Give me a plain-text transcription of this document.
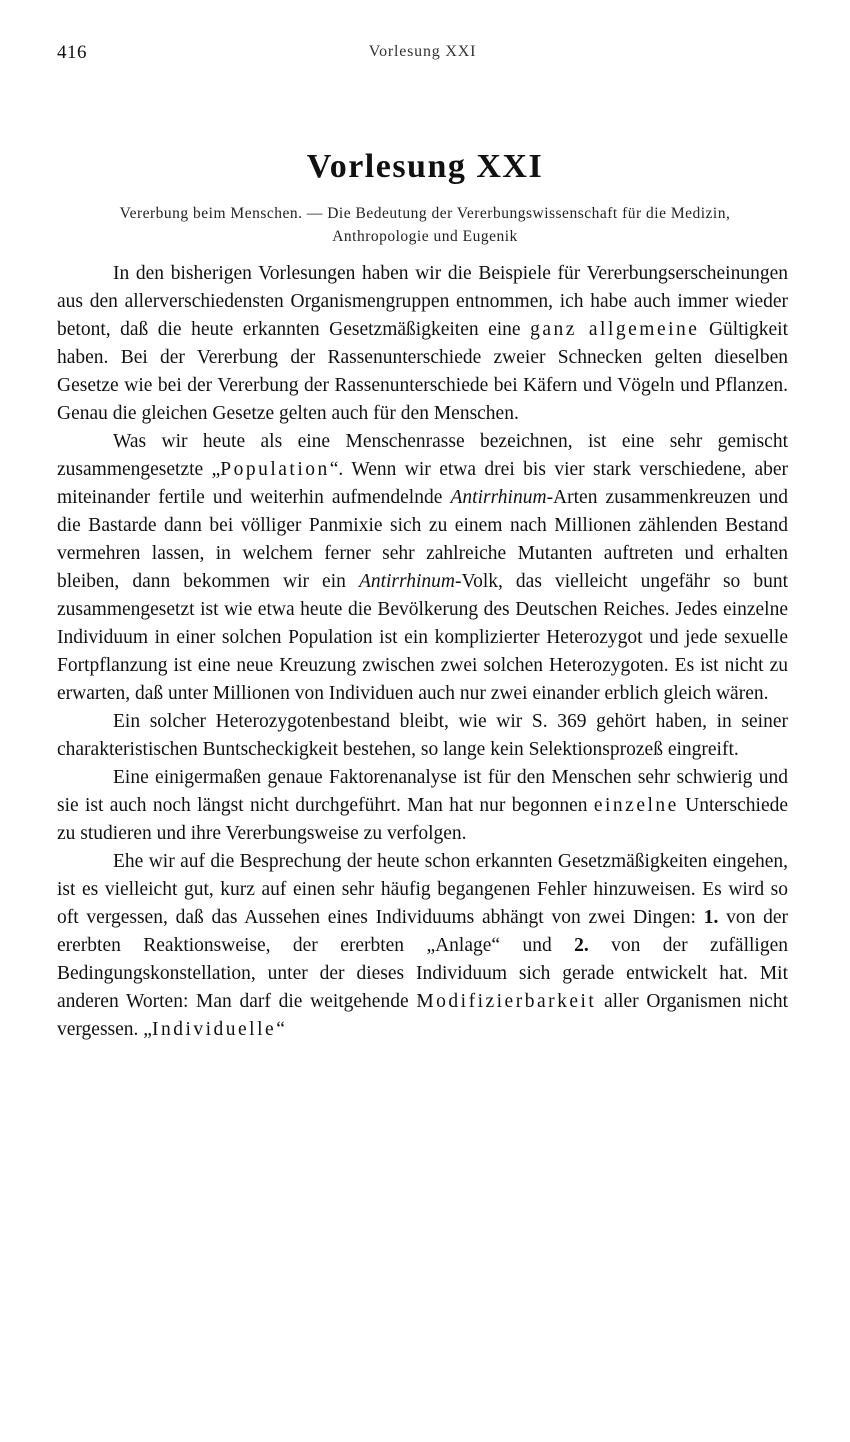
416	Vorlesung XXI
Vorlesung XXI
Vererbung beim Menschen. — Die Bedeutung der Vererbungswissenschaft für die Medizin, Anthropologie und Eugenik

In den bisherigen Vorlesungen haben wir die Beispiele für Vererbungserscheinungen aus den allerverschiedensten Organismengruppen entnommen, ich habe auch immer wieder betont, daß die heute erkannten Gesetzmäßigkeiten eine ganz allgemeine Gültigkeit haben. Bei der Vererbung der Rassenunterschiede zweier Schnecken gelten dieselben Gesetze wie bei der Vererbung der Rassenunterschiede bei Käfern und Vögeln und Pflanzen. Genau die gleichen Gesetze gelten auch für den Menschen.

Was wir heute als eine Menschenrasse bezeichnen, ist eine sehr gemischt zusammengesetzte „Population“. Wenn wir etwa drei bis vier stark verschiedene, aber miteinander fertile und weiterhin aufmendelnde Antirrhinum-Arten zusammenkreuzen und die Bastarde dann bei völliger Panmixie sich zu einem nach Millionen zählenden Bestand vermehren lassen, in welchem ferner sehr zahlreiche Mutanten auftreten und erhalten bleiben, dann bekommen wir ein Antirrhinum-Volk, das vielleicht ungefähr so bunt zusammengesetzt ist wie etwa heute die Bevölkerung des Deutschen Reiches. Jedes einzelne Individuum in einer solchen Population ist ein komplizierter Heterozygot und jede sexuelle Fortpflanzung ist eine neue Kreuzung zwischen zwei solchen Heterozygoten. Es ist nicht zu erwarten, daß unter Millionen von Individuen auch nur zwei einander erblich gleich wären.

Ein solcher Heterozygotenbestand bleibt, wie wir S. 369 gehört haben, in seiner charakteristischen Buntscheckigkeit bestehen, so lange kein Selektionsprozeß eingreift.

Eine einigermaßen genaue Faktorenanalyse ist für den Menschen sehr schwierig und sie ist auch noch längst nicht durchgeführt. Man hat nur begonnen einzelne Unterschiede zu studieren und ihre Vererbungsweise zu verfolgen.

Ehe wir auf die Besprechung der heute schon erkannten Gesetzmäßigkeiten eingehen, ist es vielleicht gut, kurz auf einen sehr häufig begangenen Fehler hinzuweisen. Es wird so oft vergessen, daß das Aussehen eines Individuums abhängt von zwei Dingen: 1. von der ererbten Reaktionsweise, der ererbten „Anlage“ und 2. von der zufälligen Bedingungskonstellation, unter der dieses Individuum sich gerade entwickelt hat. Mit anderen Worten: Man darf die weitgehende Modifizierbarkeit aller Organismen nicht vergessen. „Individuelle“
